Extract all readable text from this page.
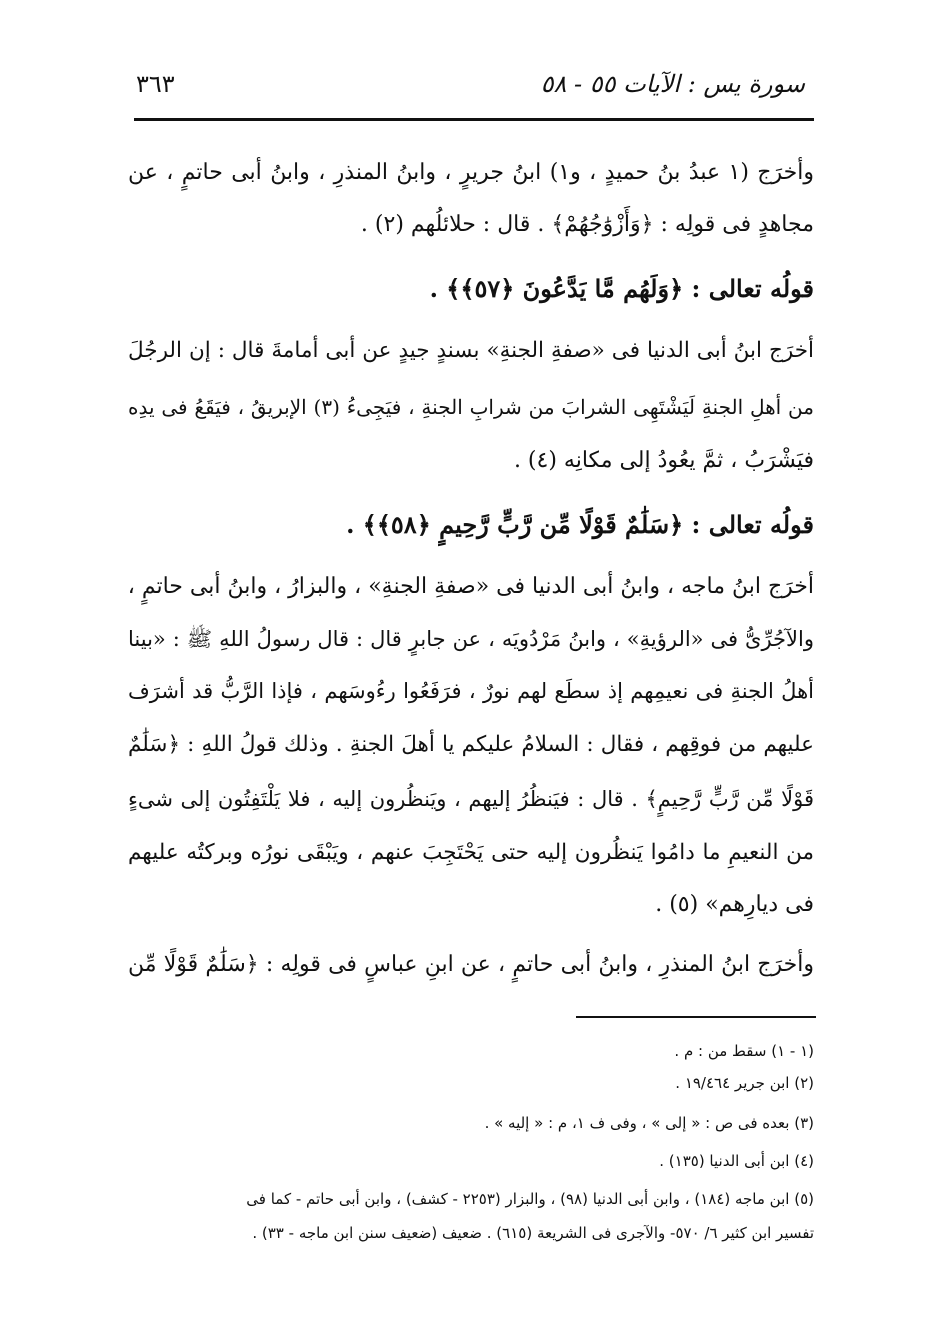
سورة يس : الآيات ٥٥ - ٥٨
٣٦٣
وأخرَج (١ عبدُ بنُ حميدٍ ، و١) ابنُ جريرٍ ، وابنُ المنذرِ ، وابنُ أبى حاتمٍ ، عن
مجاهدٍ فى قولِه : ﴿وَأَزْوَٰجُهُمْ﴾ . قال : حلائلُهم (٢) .
قولُه تعالى : ﴿وَلَهُم مَّا يَدَّعُونَ ﴿٥٧﴾﴾ .
أخرَج ابنُ أبى الدنيا فى «صفةِ الجنةِ» بسندٍ جيدٍ عن أبى أمامةَ قال : إن الرجُلَ
من أهلِ الجنةِ لَيَشْتَهِى الشرابَ من شرابِ الجنةِ ، فيَجِىءُ (٣) الإبريقُ ، فيَقَعُ فى يدِه
فيَشْرَبُ ، ثمَّ يعُودُ إلى مكانِه (٤) .
قولُه تعالى : ﴿سَلَٰمٌ قَوْلًا مِّن رَّبٍّ رَّحِيمٍ ﴿٥٨﴾﴾ .
أخرَج ابنُ ماجه ، وابنُ أبى الدنيا فى «صفةِ الجنةِ» ، والبزارُ ، وابنُ أبى حاتمٍ ،
والآجُرِّىُّ فى «الرؤيةِ» ، وابنُ مَرْدُويَه ، عن جابرٍ قال : قال رسولُ اللهِ ﷺ : «بينا
أهلُ الجنةِ فى نعيمِهم إذ سطَع لهم نورٌ ، فرَفَعُوا رءُوسَهم ، فإذا الرَّبُّ قد أشرَف
عليهم من فوقِهم ، فقال : السلامُ عليكم يا أهلَ الجنةِ . وذلك قولُ اللهِ : ﴿سَلَٰمٌ
قَوْلًا مِّن رَّبٍّ رَّحِيمٍ﴾ . قال : فيَنظُرُ إليهم ، ويَنظُرون إليه ، فلا يَلْتَفِتُون إلى شىءٍ
من النعيمِ ما دامُوا يَنظُرون إليه حتى يَحْتَجِبَ عنهم ، ويَبْقَى نورُه وبركتُه عليهم
فى ديارِهم» (٥) .
وأخرَج ابنُ المنذرِ ، وابنُ أبى حاتمٍ ، عن ابنِ عباسٍ فى قولِه : ﴿سَلَٰمٌ قَوْلًا مِّن
(١ - ١) سقط من : م .
(٢) ابن جرير ١٩/٤٦٤ .
(٣) بعده فى ص : « إلى » ، وفى ف ١، م : « إليه » .
(٤) ابن أبى الدنيا (١٣٥) .
(٥) ابن ماجه (١٨٤) ، وابن أبى الدنيا (٩٨) ، والبزار (٢٢٥٣ - كشف) ، وابن أبى حاتم - كما فى
تفسير ابن كثير ٦/ ٥٧٠- والآجرى فى الشريعة (٦١٥) . ضعيف (ضعيف سنن ابن ماجه - ٣٣) .
